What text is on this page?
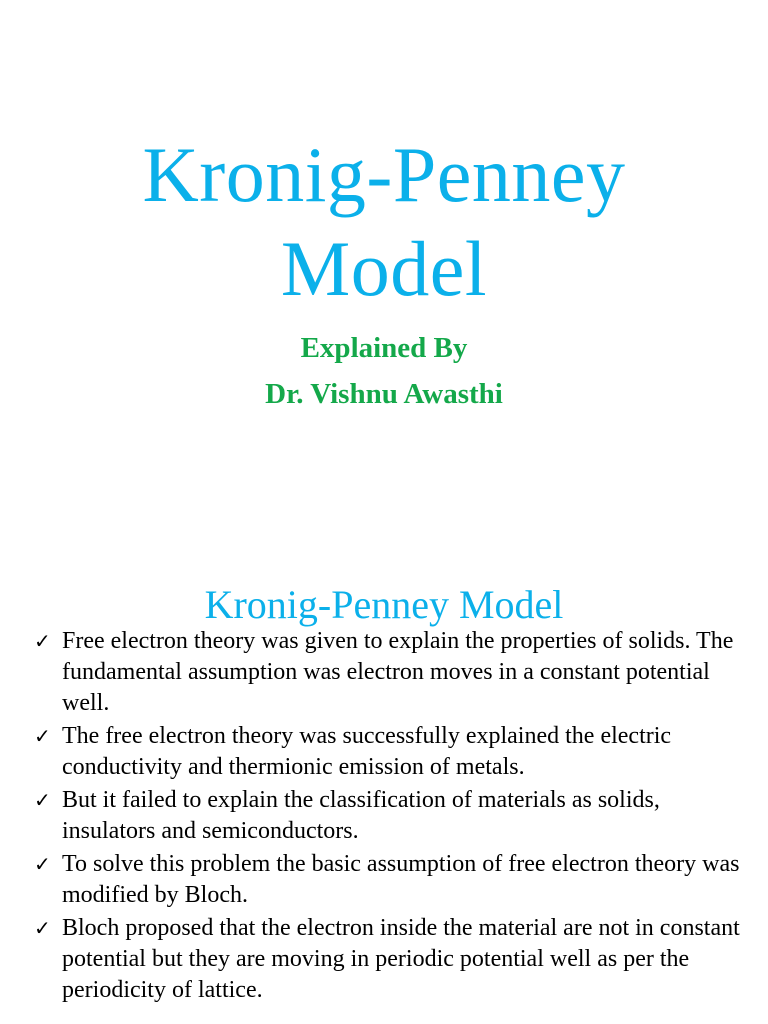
Kronig-Penney
Model

Explained By

Dr. Vishnu Awasthi

Kronig-Penney Model
✓ Free electron theory was given to explain the properties of solids. The fundamental assumption was electron moves in a constant potential well.
✓ The free electron theory was successfully explained the electric conductivity and thermionic emission of metals.
✓ But it failed to explain the classification of materials as solids, insulators and semiconductors.
✓ To solve this problem the basic assumption of free electron theory was modified by Bloch.
✓ Bloch proposed that the electron inside the material are not in constant potential but they are moving in periodic potential well as per the periodicity of lattice.
